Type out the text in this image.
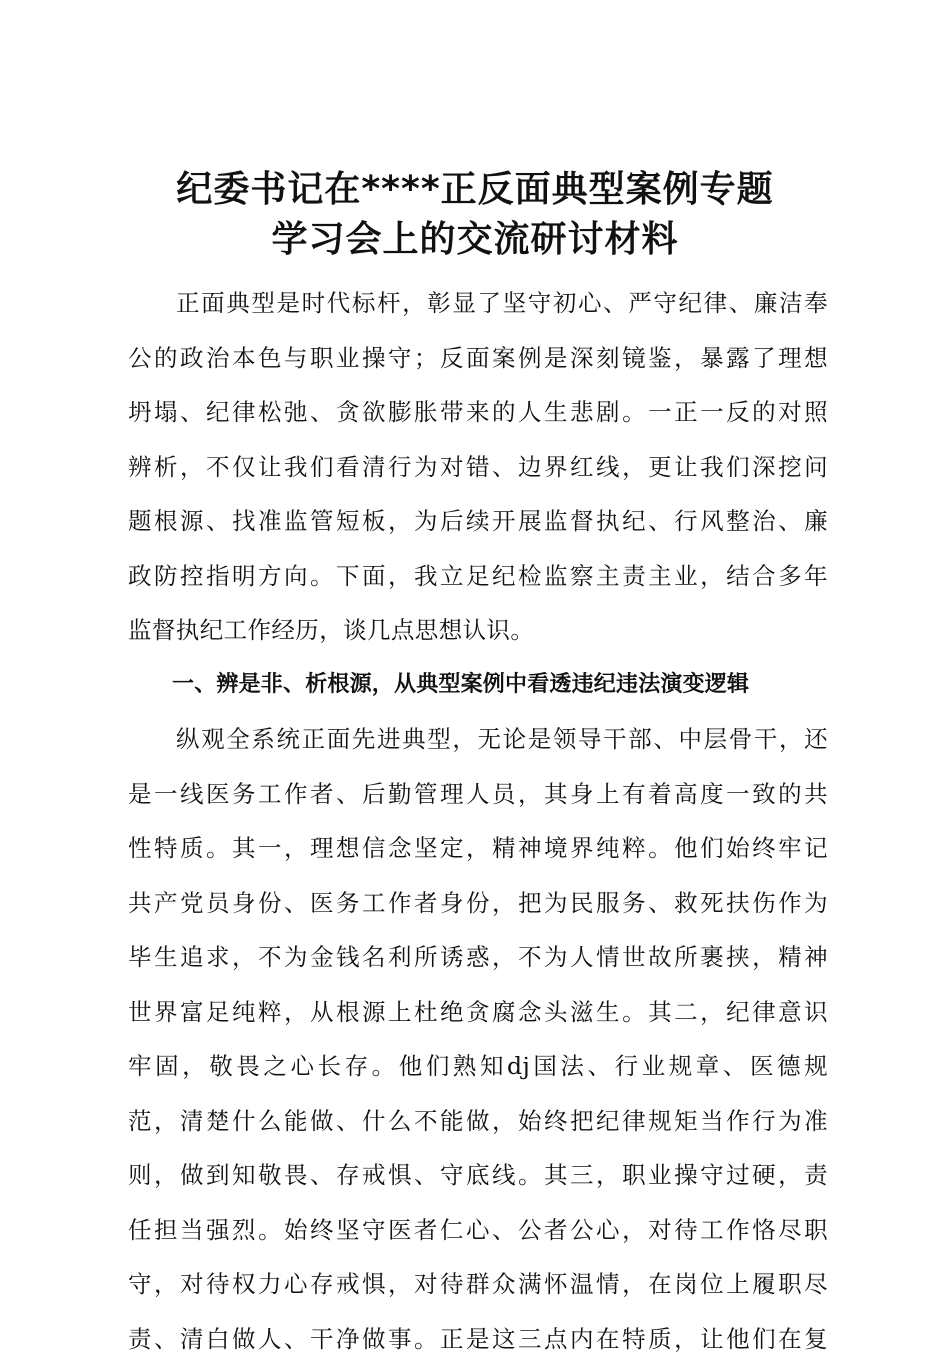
纪委书记在****正反面典型案例专题
学习会上的交流研讨材料
正面典型是时代标杆，彰显了坚守初心、严守纪律、廉洁奉
公的政治本色与职业操守；反面案例是深刻镜鉴，暴露了理想
坍塌、纪律松弛、贪欲膨胀带来的人生悲剧。一正一反的对照
辨析，不仅让我们看清行为对错、边界红线，更让我们深挖问
题根源、找准监管短板，为后续开展监督执纪、行风整治、廉
政防控指明方向。下面，我立足纪检监察主责主业，结合多年
监督执纪工作经历，谈几点思想认识。
一、辨是非、析根源，从典型案例中看透违纪违法演变逻辑
纵观全系统正面先进典型，无论是领导干部、中层骨干，还
是一线医务工作者、后勤管理人员，其身上有着高度一致的共
性特质。其一，理想信念坚定，精神境界纯粹。他们始终牢记
共产党员身份、医务工作者身份，把为民服务、救死扶伤作为
毕生追求，不为金钱名利所诱惑，不为人情世故所裹挟，精神
世界富足纯粹，从根源上杜绝贪腐念头滋生。其二，纪律意识
牢固，敬畏之心长存。他们熟知dj国法、行业规章、医德规
范，清楚什么能做、什么不能做，始终把纪律规矩当作行为准
则，做到知敬畏、存戒惧、守底线。其三，职业操守过硬，责
任担当强烈。始终坚守医者仁心、公者公心，对待工作恪尽职
守，对待权力心存戒惧，对待群众满怀温情，在岗位上履职尽
责、清白做人、干净做事。正是这三点内在特质，让他们在复
